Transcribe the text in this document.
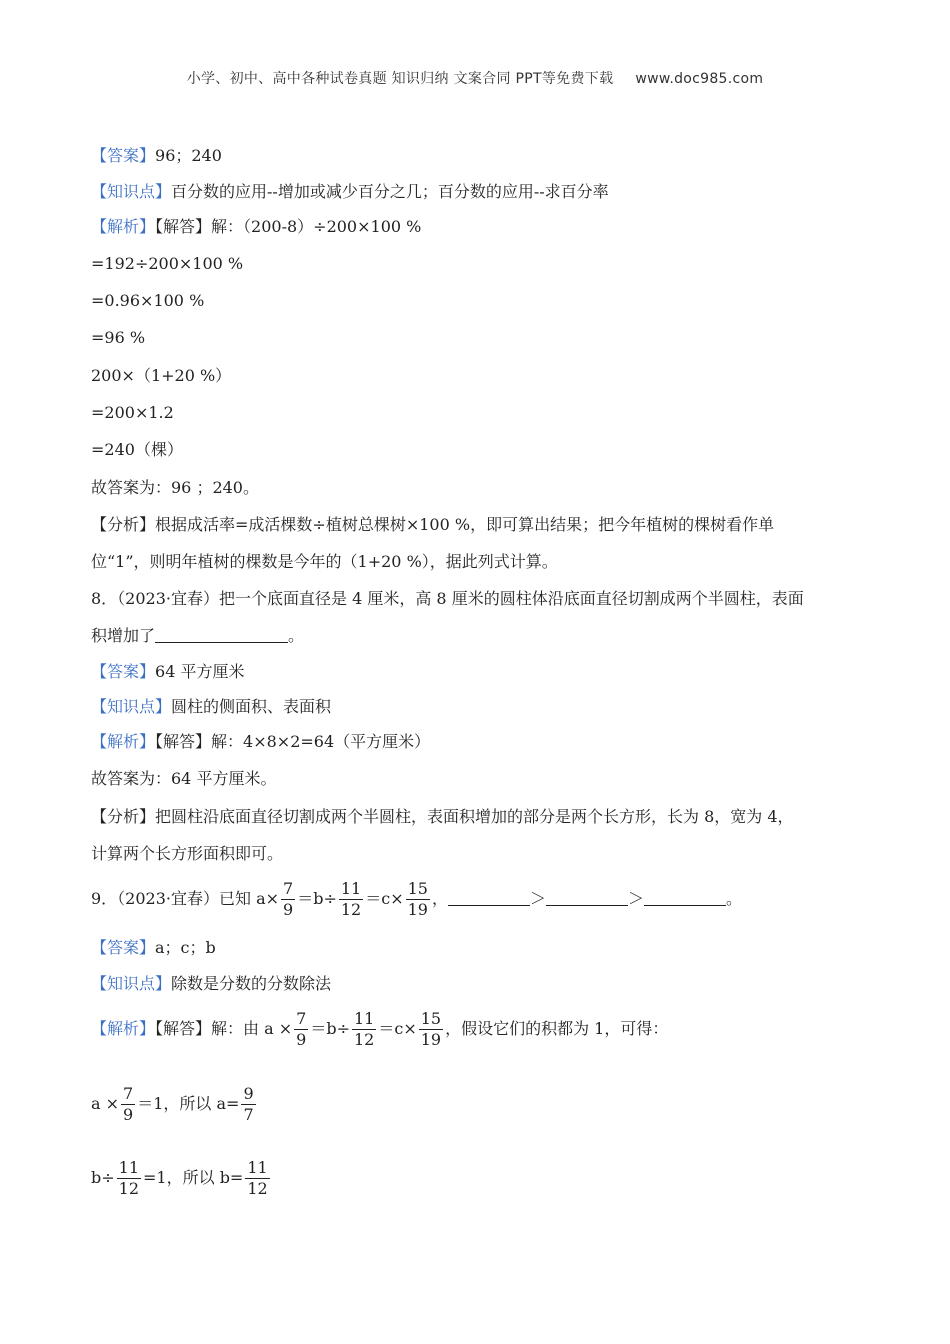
小学、初中、高中各种试卷真题 知识归纳 文案合同 PPT等免费下载 www.doc985.com
【答案】96；240
【知识点】百分数的应用--增加或减少百分之几；百分数的应用--求百分率
【解析】【解答】解：（200-8）÷200×100 %
=192÷200×100 %
=0.96×100 %
=96 %
200×（1+20 %）
=200×1.2
=240（棵）
故答案为：96 ；240。
【分析】根据成活率=成活棵数÷植树总棵树×100 %，即可算出结果；把今年植树的棵树看作单
位“1”，则明年植树的棵数是今年的（1+20 %），据此列式计算。
8．（2023·宜春）把一个底面直径是 4 厘米，高 8 厘米的圆柱体沿底面直径切割成两个半圆柱，表面
积增加了	。
【答案】64 平方厘米
【知识点】圆柱的侧面积、表面积
【解析】【解答】解：4×8×2=64（平方厘米）
故答案为：64 平方厘米。
【分析】把圆柱沿底面直径切割成两个半圆柱，表面积增加的部分是两个长方形，长为 8，宽为 4，
计算两个长方形面积即可。
9．（2023·宜春）已知 $a\times \frac{7}{9} =b\div \frac{11}{12} =c\times \frac{15}{19}$ ，	＞	＞	。
【答案】a；c；b
【知识点】除数是分数的分数除法
【解析】【解答】解：由 $a \times \frac{7}{9} =b\div \frac{11}{12} =c\times \frac{15}{19}$ ，假设它们的积都为 1，可得：
$a \times \frac{7}{9} =1$，所以 $a= \frac{9}{7}$
$b\div \frac{11}{12} =1$，所以 $b= \frac{11}{12}$
